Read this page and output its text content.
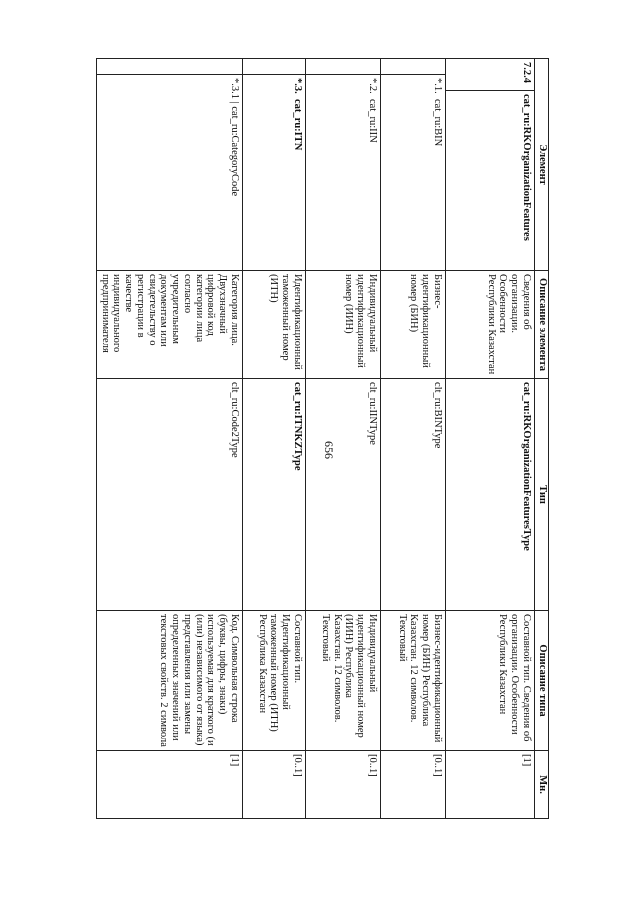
656
Элемент			Описание элемента	Тип	Описание типа	Мн.
7.2.4		cat_ru:RKOrganizationFeatures	Сведения об организации. Особенности Республики Казахстан	cat_ru:RKOrganizationFeaturesType	Составной тип. Сведения об организации. Особенности Республики Казахстан	[1]
	*.1.  cat_ru:BIN		Бизнес-идентификационный номер (БИН)	clt_ru:BINType	Бизнес-идентификационный номер (БИН) Республика Казахстан. 12 символов. Текстовый	[0..1]
	*.2.  cat_ru:IIN		Индивидуальный идентификационный номер (ИИН)	clt_ru:IINType	Индивидуальный идентификационный номер (ИИН) Республика Казахстан. 12 символов. Текстовый	[0..1]
	*.3.  cat_ru:ITN		Идентификационный таможенный номер (ИТН)	cat_ru:ITNKZType	Составной тип. Идентификационный таможенный номер (ИТН) Республика Казахстан	[0..1]
	*.3.1 | cat_ru:CategoryCode		Категория лица. Двухзначный цифровой код категории лица согласно учредительным документам или свидетельству о регистрации в качестве индивидуального предпринимателя	clt_ru:Code2Type	Код. Символьная строка (буквы, цифры, знаки) используемая для краткого (и (или) независимого от языка) представления или замены определенных значений или текстовых свойств. 2 символа	[1]
